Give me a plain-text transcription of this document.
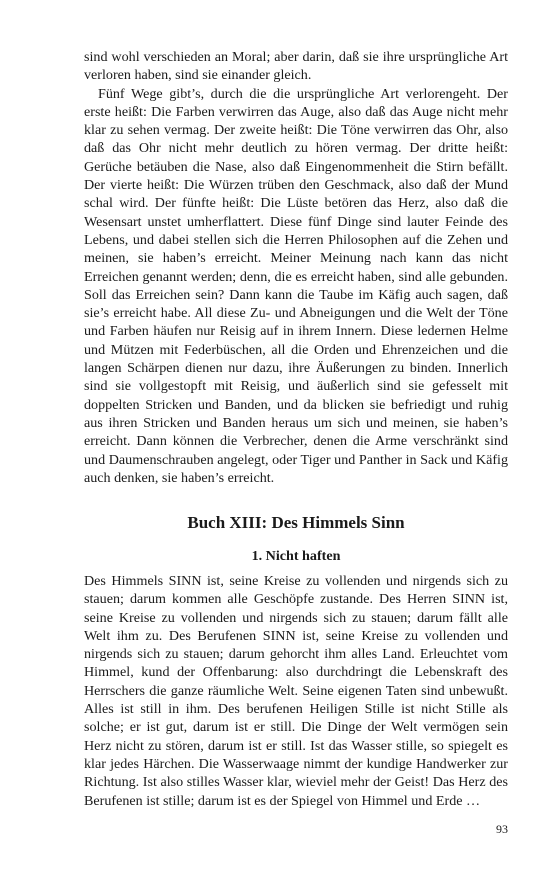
sind wohl verschieden an Moral; aber darin, daß sie ihre ursprüngliche Art verloren haben, sind sie einander gleich.

Fünf Wege gibt’s, durch die die ursprüngliche Art verlorengeht. Der erste heißt: Die Farben verwirren das Auge, also daß das Auge nicht mehr klar zu sehen vermag. Der zweite heißt: Die Töne verwirren das Ohr, also daß das Ohr nicht mehr deutlich zu hören vermag. Der dritte heißt: Gerüche betäuben die Nase, also daß Eingenommenheit die Stirn befällt. Der vierte heißt: Die Würzen trüben den Geschmack, also daß der Mund schal wird. Der fünfte heißt: Die Lüste betören das Herz, also daß die Wesensart unstet umherflattert. Diese fünf Dinge sind lauter Feinde des Lebens, und dabei stellen sich die Herren Philosophen auf die Zehen und meinen, sie haben’s erreicht. Meiner Meinung nach kann das nicht Erreichen genannt werden; denn, die es erreicht haben, sind alle gebunden. Soll das Erreichen sein? Dann kann die Taube im Käfig auch sagen, daß sie’s erreicht habe. All diese Zu- und Abneigungen und die Welt der Töne und Farben häufen nur Reisig auf in ihrem Innern. Diese ledernen Helme und Mützen mit Federbüschen, all die Orden und Ehrenzeichen und die langen Schärpen dienen nur dazu, ihre Äußerungen zu binden. Innerlich sind sie vollgestopft mit Reisig, und äußerlich sind sie gefesselt mit doppelten Stricken und Banden, und da blicken sie befriedigt und ruhig aus ihren Stricken und Banden heraus um sich und meinen, sie haben’s erreicht. Dann können die Verbrecher, denen die Arme verschränkt sind und Daumenschrauben angelegt, oder Tiger und Panther in Sack und Käfig auch denken, sie haben’s erreicht.

Buch XIII: Des Himmels Sinn
1. Nicht haften

Des Himmels SINN ist, seine Kreise zu vollenden und nirgends sich zu stauen; darum kommen alle Geschöpfe zustande. Des Herren SINN ist, seine Kreise zu vollenden und nirgends sich zu stauen; darum fällt alle Welt ihm zu. Des Berufenen SINN ist, seine Kreise zu vollenden und nirgends sich zu stauen; darum gehorcht ihm alles Land. Erleuchtet vom Himmel, kund der Offenbarung: also durchdringt die Lebenskraft des Herrschers die ganze räumliche Welt. Seine eigenen Taten sind unbewußt. Alles ist still in ihm. Des berufenen Heiligen Stille ist nicht Stille als solche; er ist gut, darum ist er still. Die Dinge der Welt vermögen sein Herz nicht zu stören, darum ist er still. Ist das Wasser stille, so spiegelt es klar jedes Härchen. Die Wasserwaage nimmt der kundige Handwerker zur Richtung. Ist also stilles Wasser klar, wieviel mehr der Geist! Das Herz des Berufenen ist stille; darum ist es der Spiegel von Himmel und Erde …

93
